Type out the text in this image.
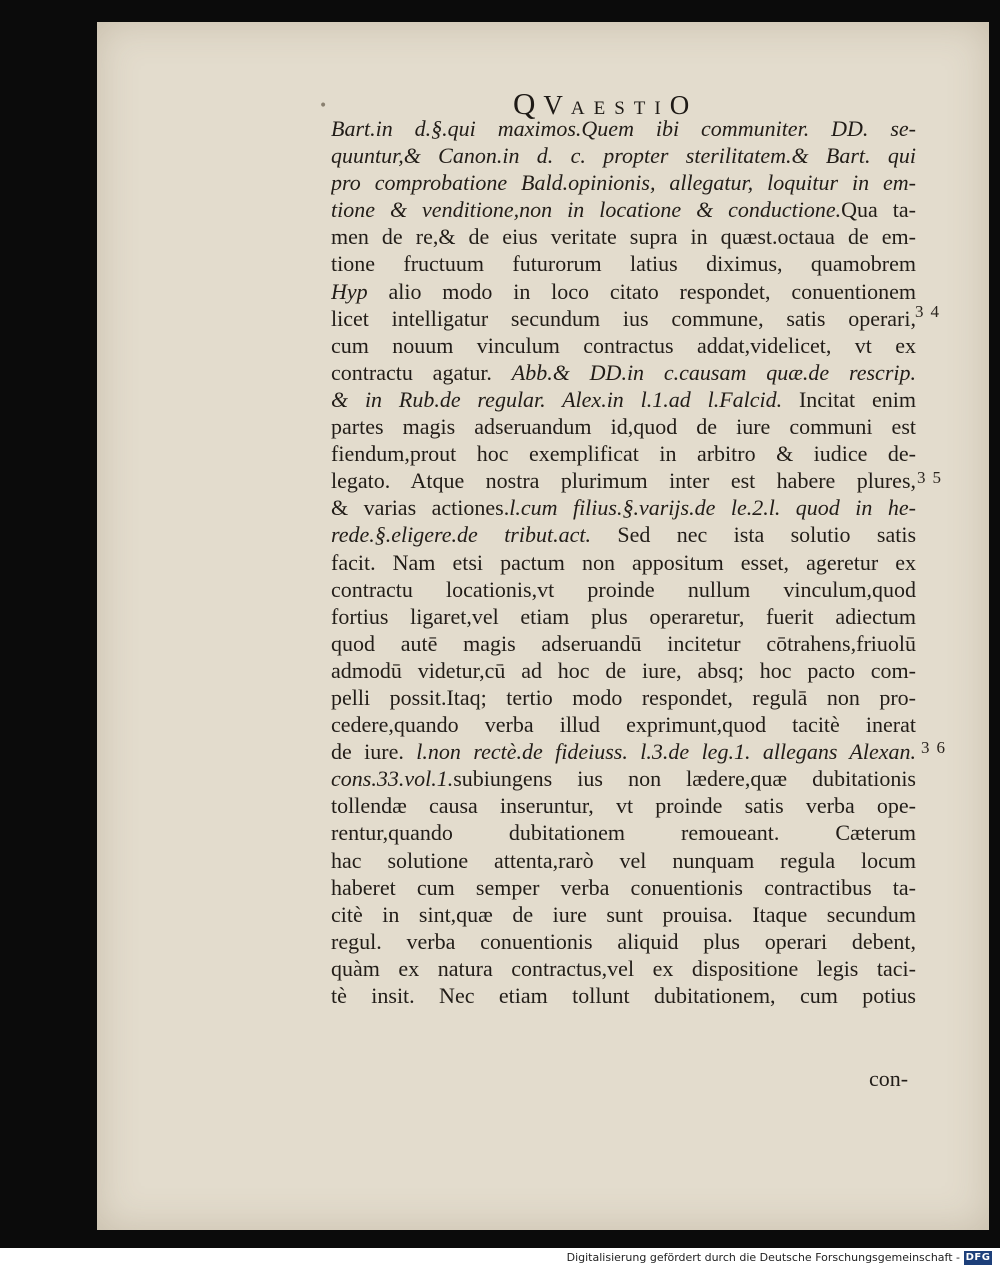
•	QVAESTIO
Bart.in d.§.qui maximos.Quem ibi communiter. DD. se-
quuntur,& Canon.in d. c. propter sterilitatem.& Bart. qui
pro comprobatione Bald.opinionis, allegatur, loquitur in em-
tione & venditione,non in locatione & conductione.Qua ta-
men de re,& de eius veritate supra in quæst.octaua de em-
tione fructuum futurorum latius diximus, quamobrem
Hyp alio modo in loco citato respondet, conuentionem
licet intelligatur secundum ius commune, satis operari,
cum nouum vinculum contractus addat,videlicet, vt ex
contractu agatur. Abb.& DD.in c.causam quæ.de rescrip.
& in Rub.de regular. Alex.in l.1.ad l.Falcid. Incitat enim
partes magis adseruandum id,quod de iure communi est
fiendum,prout hoc exemplificat in arbitro & iudice de-
legato. Atque nostra plurimum inter est habere plures,
& varias actiones.l.cum filius.§.varijs.de le.2.l. quod in he-
rede.§.eligere.de tribut.act. Sed nec ista solutio satis
facit. Nam etsi pactum non appositum esset, ageretur ex
contractu locationis,vt proinde nullum vinculum,quod
fortius ligaret,vel etiam plus operaretur, fuerit adiectum
quod autē magis adseruandū incitetur cōtrahens,friuolū
admodū videtur,cū ad hoc de iure, absq; hoc pacto com-
pelli possit.Itaq; tertio modo respondet, regulā non pro-
cedere,quando verba illud exprimunt,quod tacitè inerat
de iure. l.non rectè.de fideiuss. l.3.de leg.1. allegans Alexan.
cons.33.vol.1.subiungens ius non lædere,quæ dubitationis
tollendæ causa inseruntur, vt proinde satis verba ope-
rentur,quando dubitationem remoueant. Cæterum
hac solutione attenta,rarò vel nunquam regula locum
haberet cum semper verba conuentionis contractibus ta-
citè in sint,quæ de iure sunt prouisa. Itaque secundum
regul. verba conuentionis aliquid plus operari debent,
quàm ex natura contractus,vel ex dispositione legis taci-
tè insit. Nec etiam tollunt dubitationem, cum potius
con-
34
35
36
Digitalisierung gefördert durch die Deutsche Forschungsgemeinschaft - DFG
